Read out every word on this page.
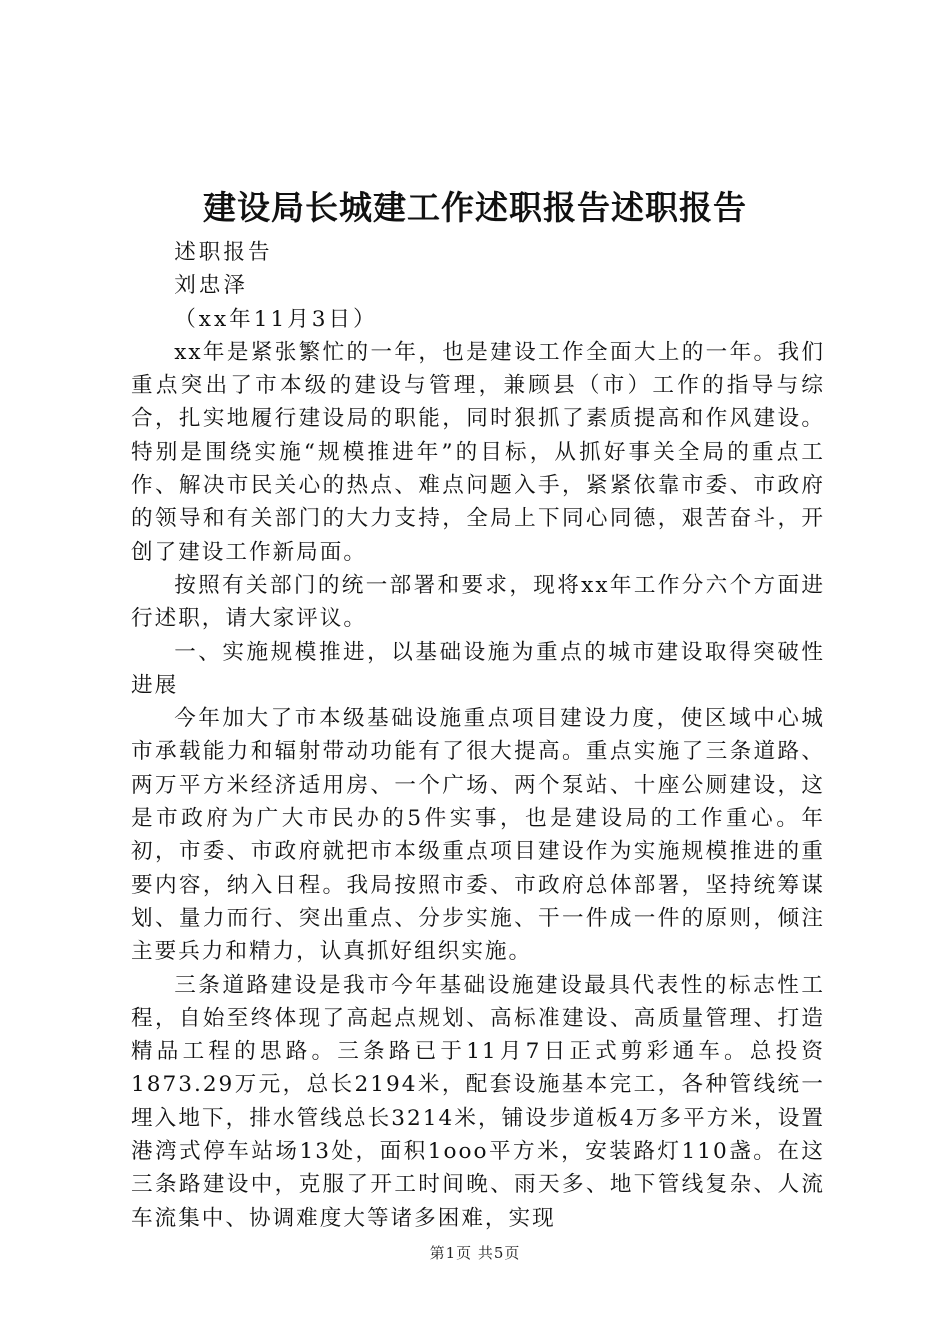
建设局长城建工作述职报告述职报告

述职报告

刘忠泽

（xx年11月3日）

xx年是紧张繁忙的一年，也是建设工作全面大上的一年。我们重点突出了市本级的建设与管理，兼顾县（市）工作的指导与综合，扎实地履行建设局的职能，同时狠抓了素质提高和作风建设。特别是围绕实施“规模推进年”的目标，从抓好事关全局的重点工作、解决市民关心的热点、难点问题入手，紧紧依靠市委、市政府的领导和有关部门的大力支持，全局上下同心同德，艰苦奋斗，开创了建设工作新局面。

按照有关部门的统一部署和要求，现将xx年工作分六个方面进行述职，请大家评议。

一、实施规模推进，以基础设施为重点的城市建设取得突破性进展

今年加大了市本级基础设施重点项目建设力度，使区域中心城市承载能力和辐射带动功能有了很大提高。重点实施了三条道路、两万平方米经济适用房、一个广场、两个泵站、十座公厕建设，这是市政府为广大市民办的5件实事，也是建设局的工作重心。年初，市委、市政府就把市本级重点项目建设作为实施规模推进的重要内容，纳入日程。我局按照市委、市政府总体部署，坚持统筹谋划、量力而行、突出重点、分步实施、干一件成一件的原则，倾注主要兵力和精力，认真抓好组织实施。

三条道路建设是我市今年基础设施建设最具代表性的标志性工程，自始至终体现了高起点规划、高标准建设、高质量管理、打造精品工程的思路。三条路已于11月7日正式剪彩通车。总投资1873.29万元，总长2194米，配套设施基本完工，各种管线统一埋入地下，排水管线总长3214米，铺设步道板4万多平方米，设置港湾式停车站场13处，面积1ooo平方米，安装路灯110盏。在这三条路建设中，克服了开工时间晚、雨天多、地下管线复杂、人流车流集中、协调难度大等诸多困难，实现

第1页 共5页
